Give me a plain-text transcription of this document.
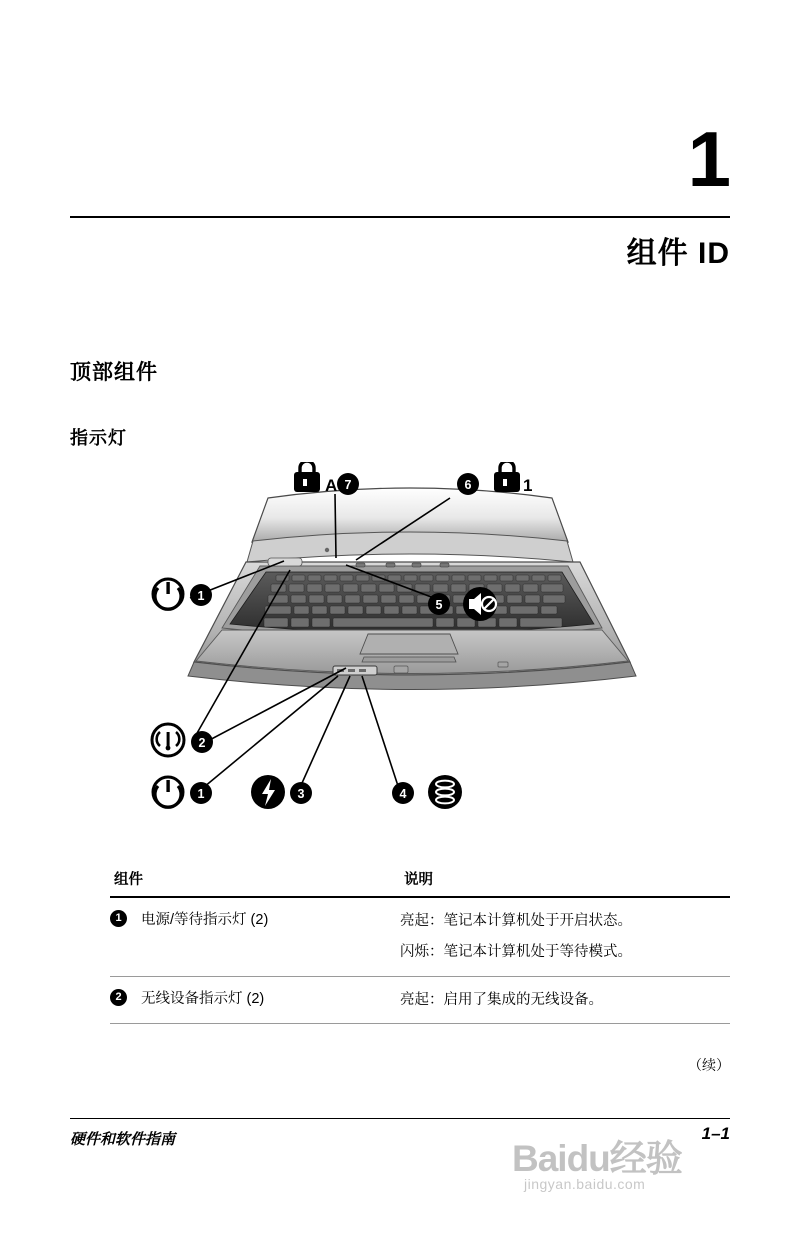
1
组件 ID
顶部组件
指示灯
A 7	6	1
1
5
2
1	3	4
组件	说明
1	电源/等待指示灯 (2)	亮起：笔记本计算机处于开启状态。
闪烁：笔记本计算机处于等待模式。
2	无线设备指示灯 (2)	亮起：启用了集成的无线设备。
（续）
硬件和软件指南	1–1
Baidu经验
jingyan.baidu.com
